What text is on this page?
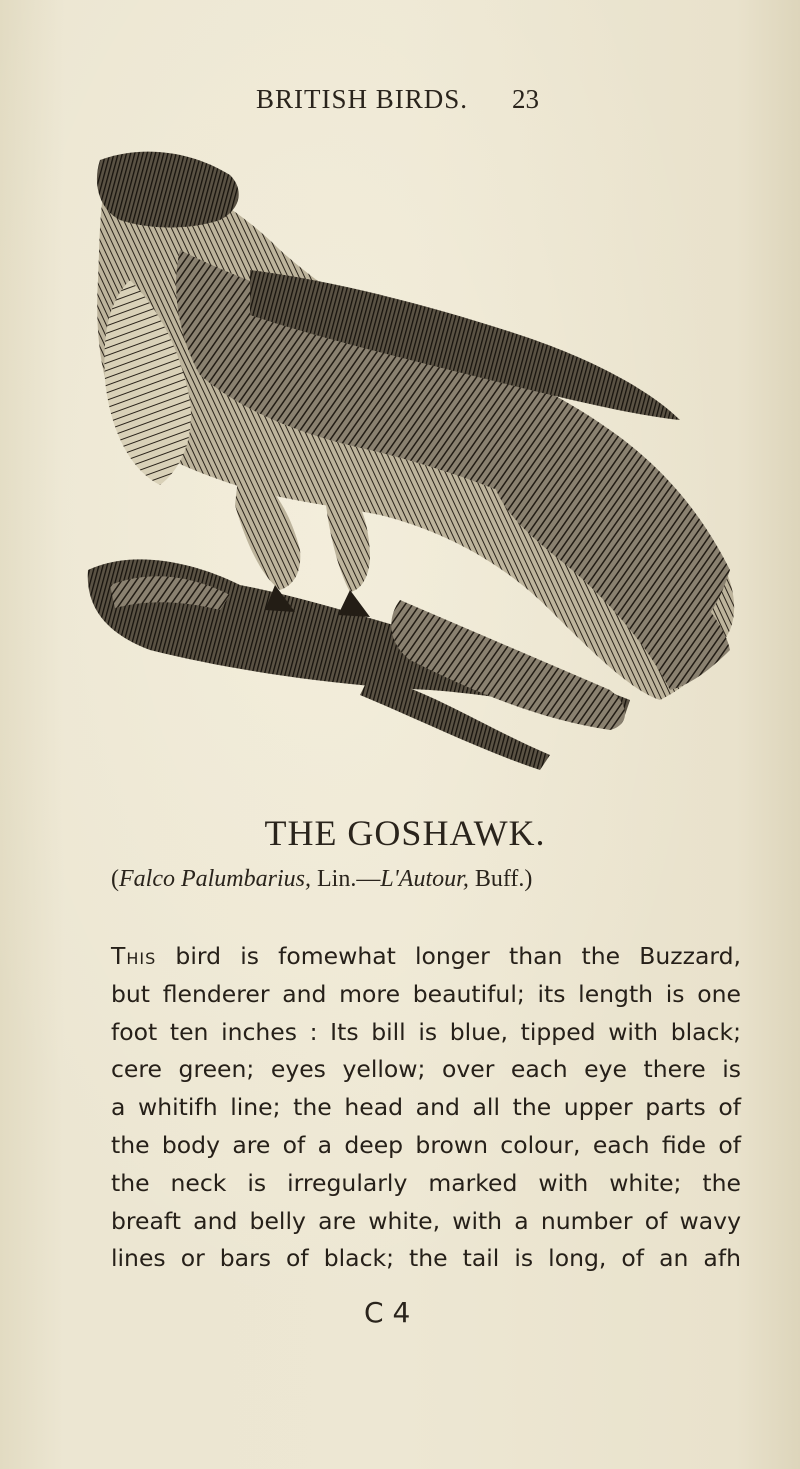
BRITISH BIRDS. 23
THE GOSHAWK.
(Falco Palumbarius, Lin.—L'Autour, Buff.)
This bird is fomewhat longer than the Buzzard,
but flenderer and more beautiful; its length is one
foot ten inches : Its bill is blue, tipped with black;
cere green; eyes yellow; over each eye there is
a whitifh line; the head and all the upper parts of
the body are of a deep brown colour, each fide of
the neck is irregularly marked with white; the
breaft and belly are white, with a number of wavy
lines or bars of black; the tail is long, of an afh
C 4
